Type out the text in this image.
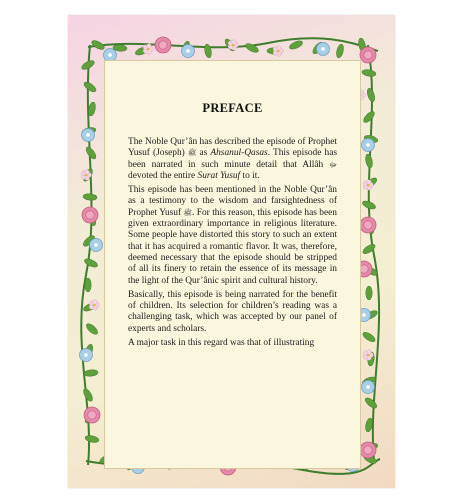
PREFACE

The Noble Qur’ân has described the episode of Prophet Yusuf (Joseph) ﷺ as Ahsanul-Qasas. This episode has been narrated in such minute detail that Allâh ﷻ devoted the entire Surat Yusuf to it.

This episode has been mentioned in the Noble Qur’ân as a testimony to the wisdom and farsightedness of Prophet Yusuf ﷺ. For this reason, this episode has been given extraordinary importance in religious literature. Some people have distorted this story to such an extent that it has acquired a romantic flavor. It was, therefore, deemed necessary that the episode should be stripped of all its finery to retain the essence of its message in the light of the Qur’ânic spirit and cultural history.

Basically, this episode is being narrated for the benefit of children. Its selection for children’s reading was a challenging task, which was accepted by our panel of experts and scholars.

A major task in this regard was that of illustrating
